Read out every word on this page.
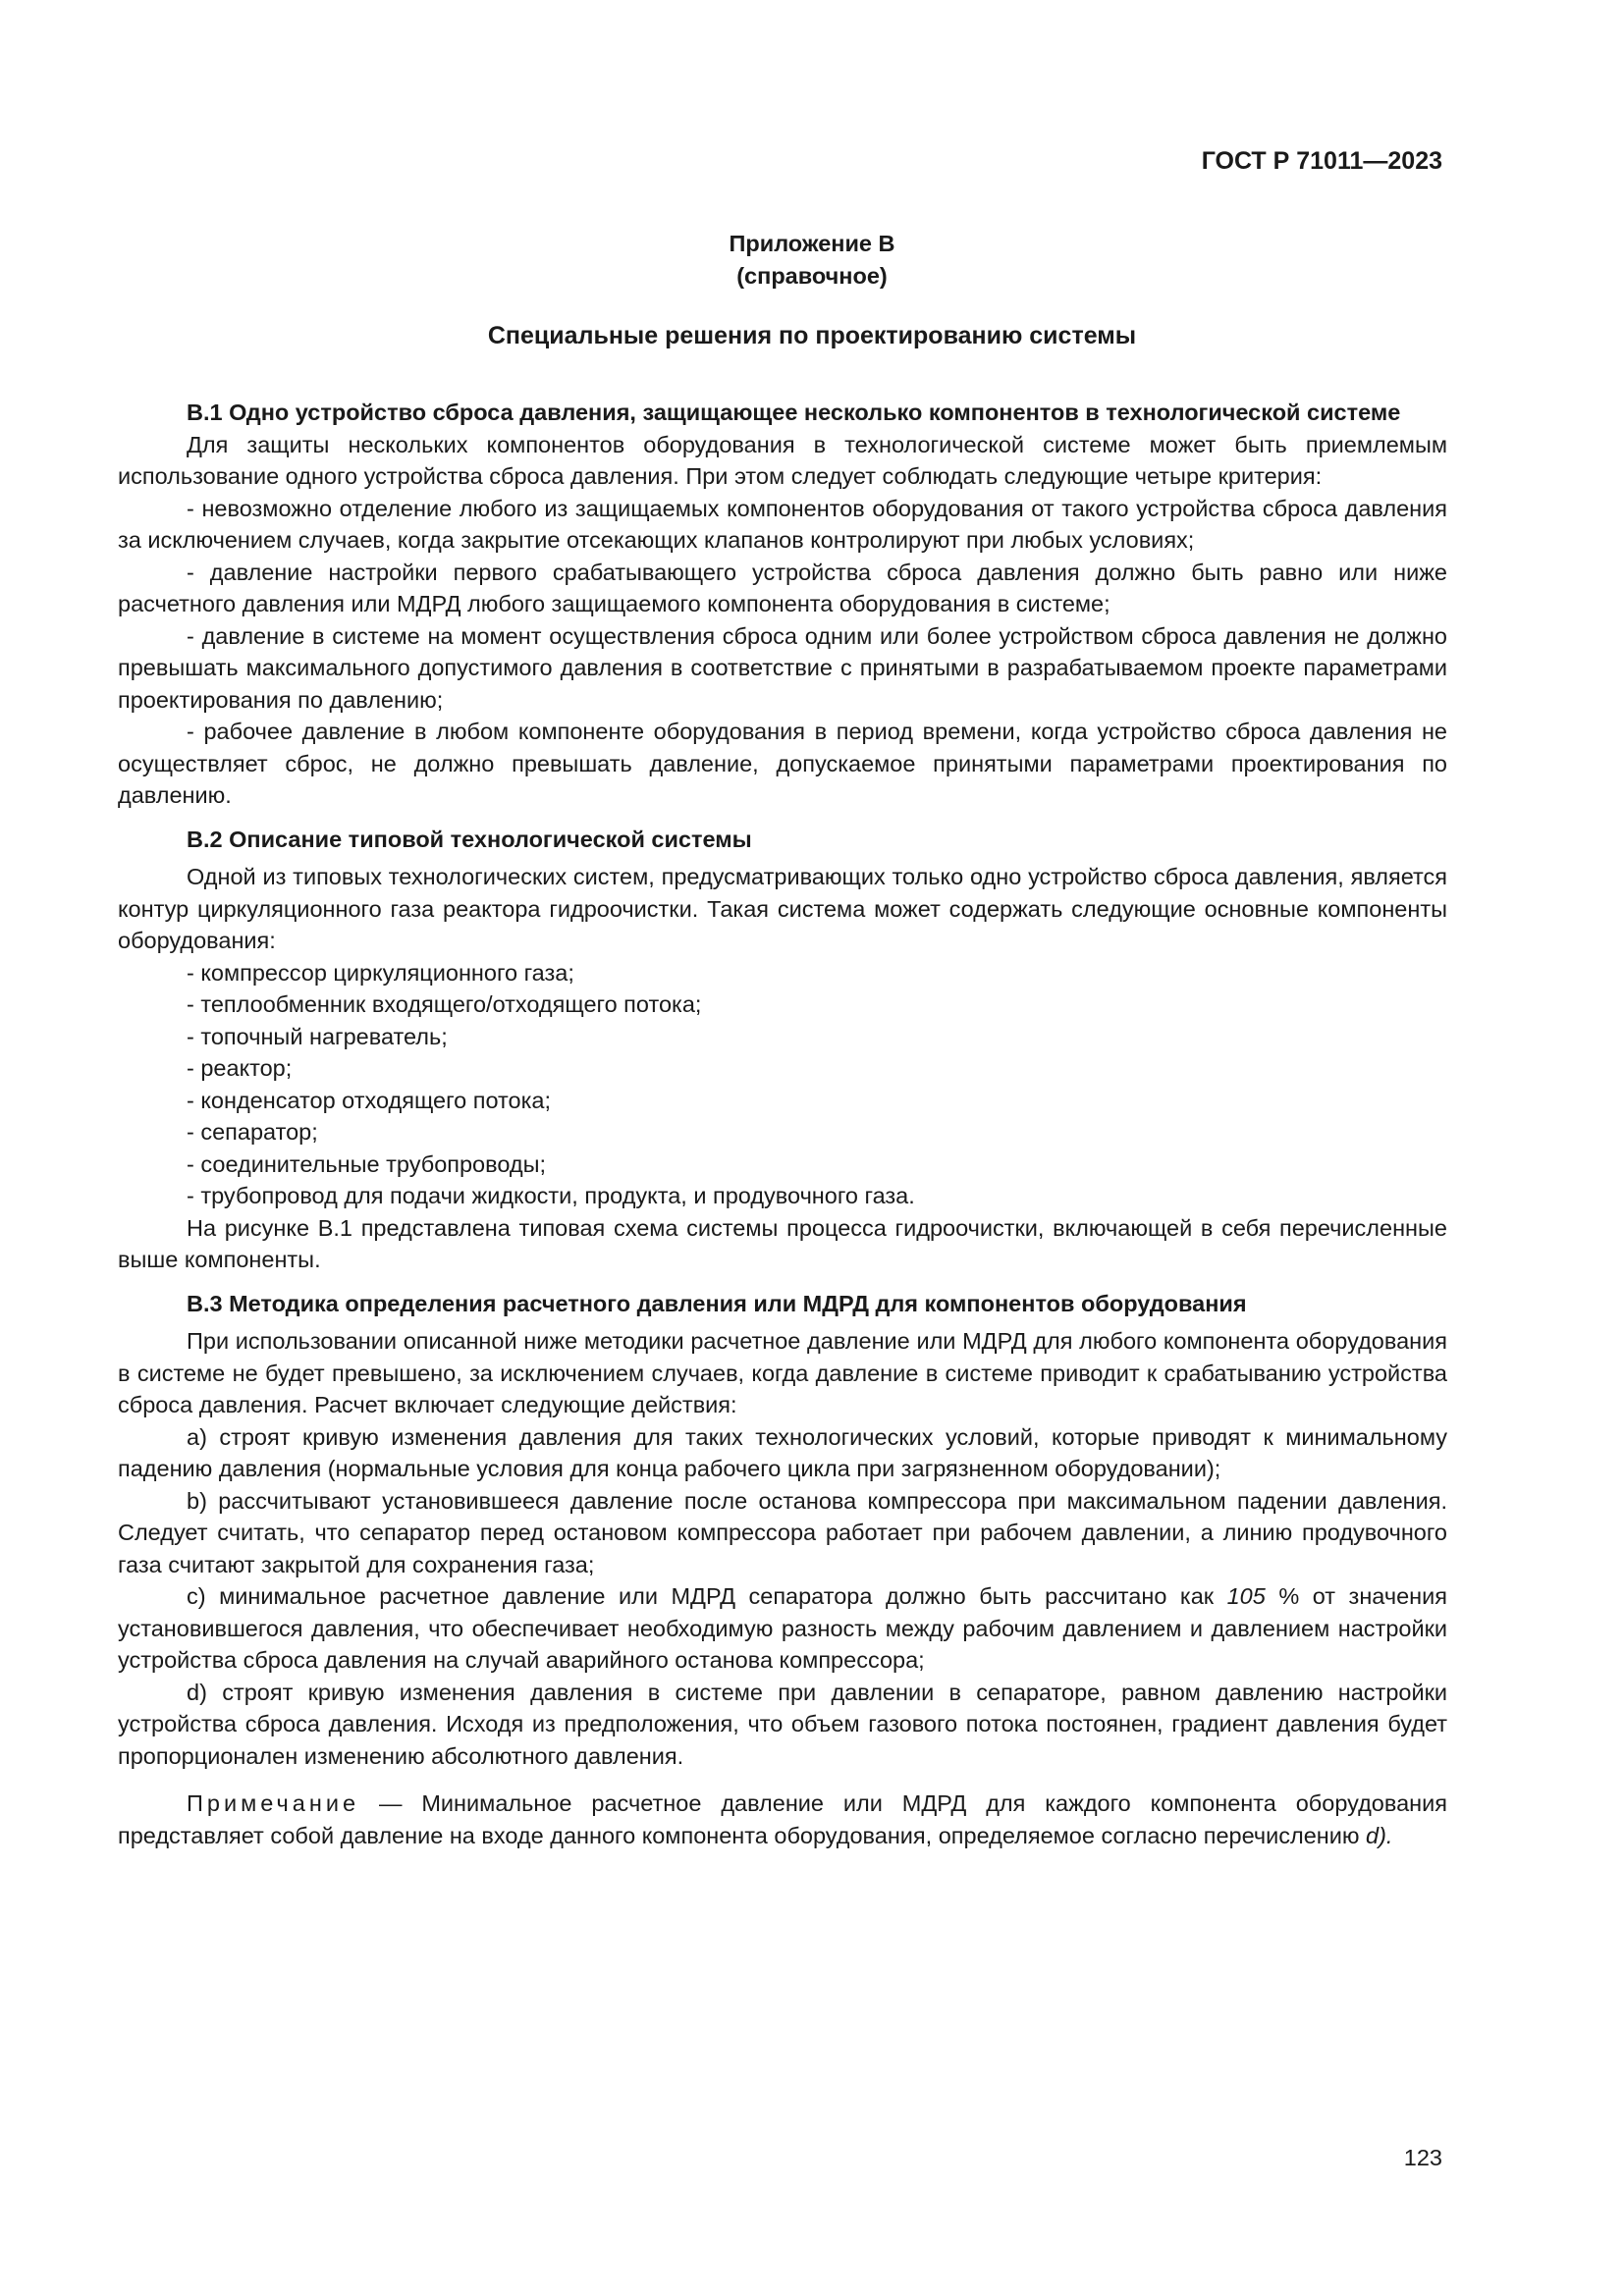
ГОСТ Р 71011—2023
Приложение В
(справочное)
Специальные решения по проектированию системы
В.1 Одно устройство сброса давления, защищающее несколько компонентов в технологической системе

Для защиты нескольких компонентов оборудования в технологической системе может быть приемлемым использование одного устройства сброса давления. При этом следует соблюдать следующие четыре критерия:

- невозможно отделение любого из защищаемых компонентов оборудования от такого устройства сброса давления за исключением случаев, когда закрытие отсекающих клапанов контролируют при любых условиях;

- давление настройки первого срабатывающего устройства сброса давления должно быть равно или ниже расчетного давления или МДРД любого защищаемого компонента оборудования в системе;

- давление в системе на момент осуществления сброса одним или более устройством сброса давления не должно превышать максимального допустимого давления в соответствие с принятыми в разрабатываемом проекте параметрами проектирования по давлению;

- рабочее давление в любом компоненте оборудования в период времени, когда устройство сброса давления не осуществляет сброс, не должно превышать давление, допускаемое принятыми параметрами проектирования по давлению.

В.2 Описание типовой технологической системы

Одной из типовых технологических систем, предусматривающих только одно устройство сброса давления, является контур циркуляционного газа реактора гидроочистки. Такая система может содержать следующие основные компоненты оборудования:

- компрессор циркуляционного газа;

- теплообменник входящего/отходящего потока;

- топочный нагреватель;

- реактор;

- конденсатор отходящего потока;

- сепаратор;

- соединительные трубопроводы;

- трубопровод для подачи жидкости, продукта, и продувочного газа.

На рисунке В.1 представлена типовая схема системы процесса гидроочистки, включающей в себя перечисленные выше компоненты.

В.3 Методика определения расчетного давления или МДРД для компонентов оборудования

При использовании описанной ниже методики расчетное давление или МДРД для любого компонента оборудования в системе не будет превышено, за исключением случаев, когда давление в системе приводит к срабатыванию устройства сброса давления. Расчет включает следующие действия:

a) строят кривую изменения давления для таких технологических условий, которые приводят к минимальному падению давления (нормальные условия для конца рабочего цикла при загрязненном оборудовании);

b) рассчитывают установившееся давление после останова компрессора при максимальном падении давления. Следует считать, что сепаратор перед остановом компрессора работает при рабочем давлении, а линию продувочного газа считают закрытой для сохранения газа;

c) минимальное расчетное давление или МДРД сепаратора должно быть рассчитано как 105 % от значения установившегося давления, что обеспечивает необходимую разность между рабочим давлением и давлением настройки устройства сброса давления на случай аварийного останова компрессора;

d) строят кривую изменения давления в системе при давлении в сепараторе, равном давлению настройки устройства сброса давления. Исходя из предположения, что объем газового потока постоянен, градиент давления будет пропорционален изменению абсолютного давления.

Примечание — Минимальное расчетное давление или МДРД для каждого компонента оборудования представляет собой давление на входе данного компонента оборудования, определяемое согласно перечислению d).

123
